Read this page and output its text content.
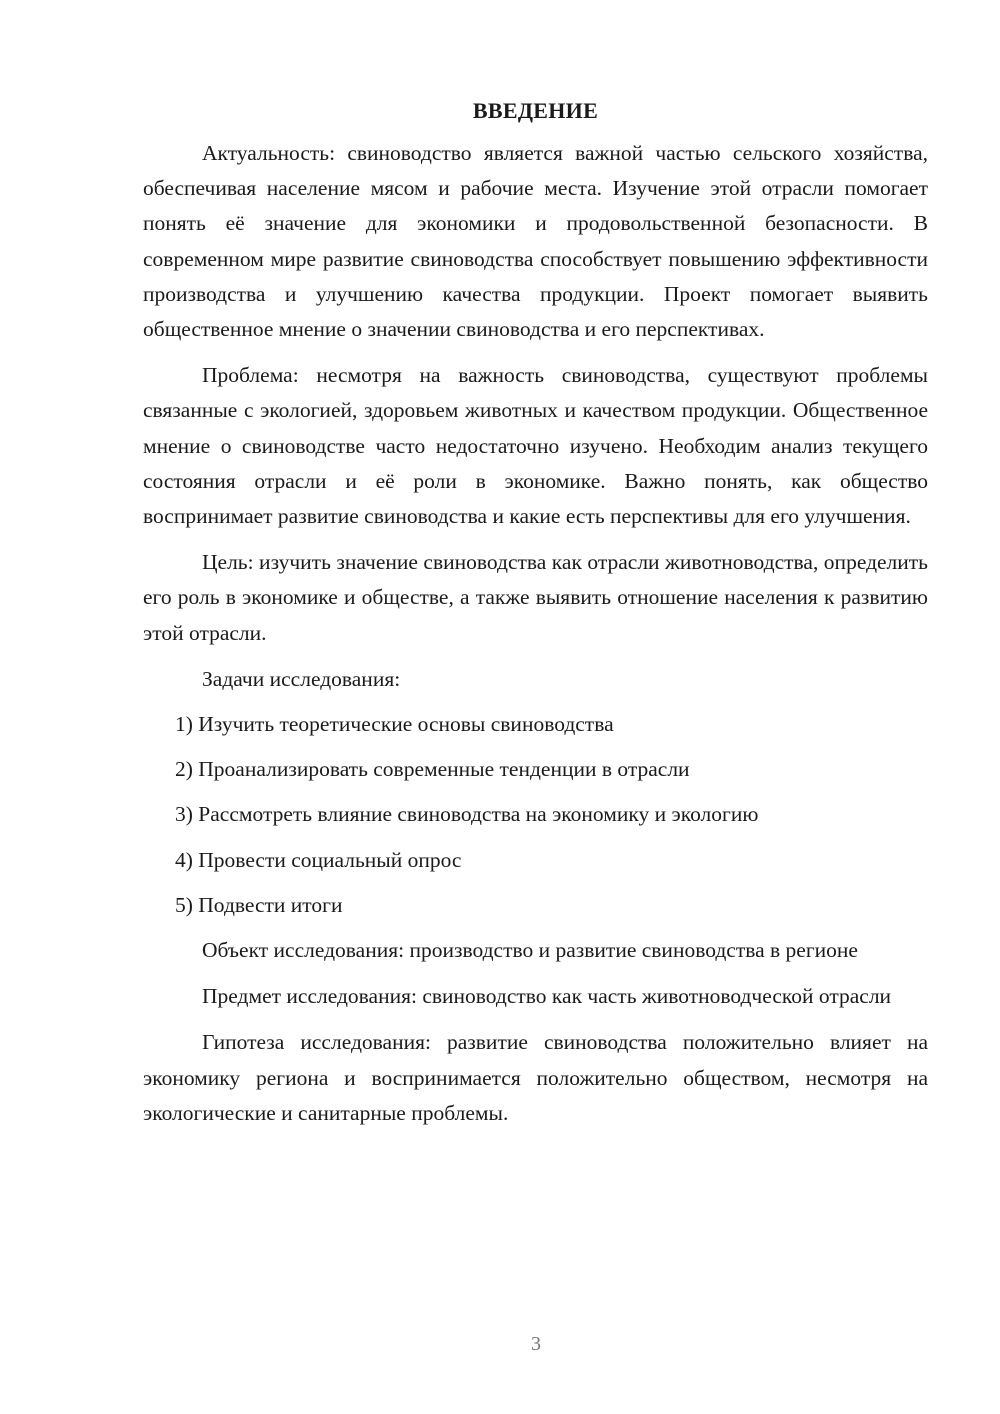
ВВЕДЕНИЕ

Актуальность: свиноводство является важной частью сельского хозяйства, обеспечивая население мясом и рабочие места. Изучение этой отрасли помогает понять её значение для экономики и продовольственной безопасности. В современном мире развитие свиноводства способствует повышению эффективности производства и улучшению качества продукции. Проект помогает выявить общественное мнение о значении свиноводства и его перспективах.

Проблема: несмотря на важность свиноводства, существуют проблемы связанные с экологией, здоровьем животных и качеством продукции. Общественное мнение о свиноводстве часто недостаточно изучено. Необходим анализ текущего состояния отрасли и её роли в экономике. Важно понять, как общество воспринимает развитие свиноводства и какие есть перспективы для его улучшения.

Цель: изучить значение свиноводства как отрасли животноводства, определить его роль в экономике и обществе, а также выявить отношение населения к развитию этой отрасли.

Задачи исследования:
1) Изучить теоретические основы свиноводства
2) Проанализировать современные тенденции в отрасли
3) Рассмотреть влияние свиноводства на экономику и экологию
4) Провести социальный опрос
5) Подвести итоги

Объект исследования: производство и развитие свиноводства в регионе

Предмет исследования: свиноводство как часть животноводческой отрасли

Гипотеза исследования: развитие свиноводства положительно влияет на экономику региона и воспринимается положительно обществом, несмотря на экологические и санитарные проблемы.

3
